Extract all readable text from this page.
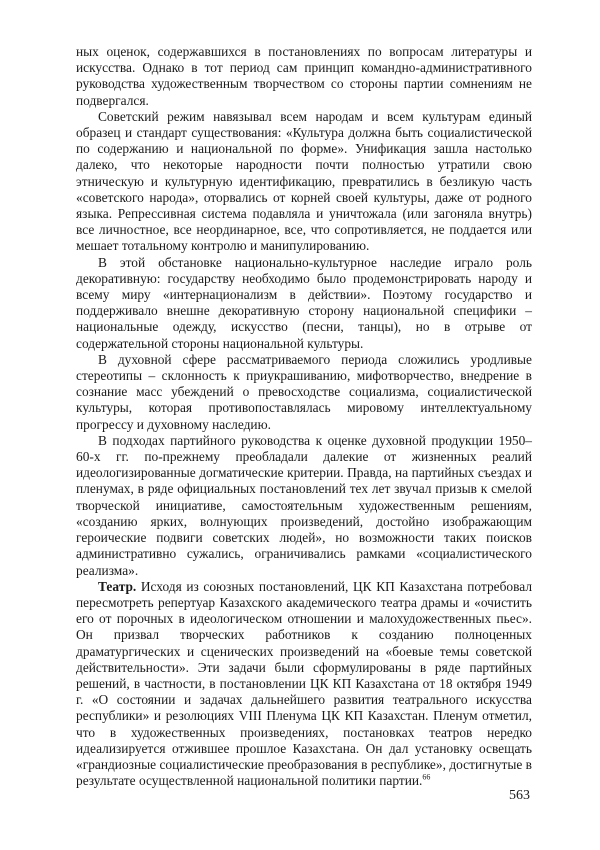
ных оценок, содержавшихся в постановлениях по вопросам литературы и искусства. Однако в тот период сам принцип командно-административного руководства художественным творчеством со стороны партии сомнениям не подвергался.

Советский режим навязывал всем народам и всем культурам единый образец и стандарт существования: «Культура должна быть социалистической по содержанию и национальной по форме». Унификация зашла настолько далеко, что некоторые народности почти полностью утратили свою этническую и культурную идентификацию, превратились в безликую часть «советского народа», оторвались от корней своей культуры, даже от родного языка. Репрессивная система подавляла и уничтожала (или загоняла внутрь) все личностное, все неординарное, все, что сопротивляется, не поддается или мешает тотальному контролю и манипулированию.

В этой обстановке национально-культурное наследие играло роль декоративную: государству необходимо было продемонстрировать народу и всему миру «интернационализм в действии». Поэтому государство и поддерживало внешне декоративную сторону национальной специфики – национальные одежду, искусство (песни, танцы), но в отрыве от содержательной стороны национальной культуры.

В духовной сфере рассматриваемого периода сложились уродливые стереотипы – склонность к приукрашиванию, мифотворчество, внедрение в сознание масс убеждений о превосходстве социализма, социалистической культуры, которая противопоставлялась мировому интеллектуальному прогрессу и духовному наследию.

В подходах партийного руководства к оценке духовной продукции 1950–60-х гг. по-прежнему преобладали далекие от жизненных реалий идеологизированные догматические критерии. Правда, на партийных съездах и пленумах, в ряде официальных постановлений тех лет звучал призыв к смелой творческой инициативе, самостоятельным художественным решениям, «созданию ярких, волнующих произведений, достойно изображающим героические подвиги советских людей», но возможности таких поисков административно сужались, ограничивались рамками «социалистического реализма».

Театр. Исходя из союзных постановлений, ЦК КП Казахстана потребовал пересмотреть репертуар Казахского академического театра драмы и «очистить его от порочных в идеологическом отношении и малохудожественных пьес». Он призвал творческих работников к созданию полноценных драматургических и сценических произведений на «боевые темы советской действительности». Эти задачи были сформулированы в ряде партийных решений, в частности, в постановлении ЦК КП Казахстана от 18 октября 1949 г. «О состоянии и задачах дальнейшего развития театрального искусства республики» и резолюциях VIII Пленума ЦК КП Казахстан. Пленум отметил, что в художественных произведениях, постановках театров нередко идеализируется отжившее прошлое Казахстана. Он дал установку освещать «грандиозные социалистические преобразования в республике», достигнутые в результате осуществленной национальной политики партии.$^{66}$

563
